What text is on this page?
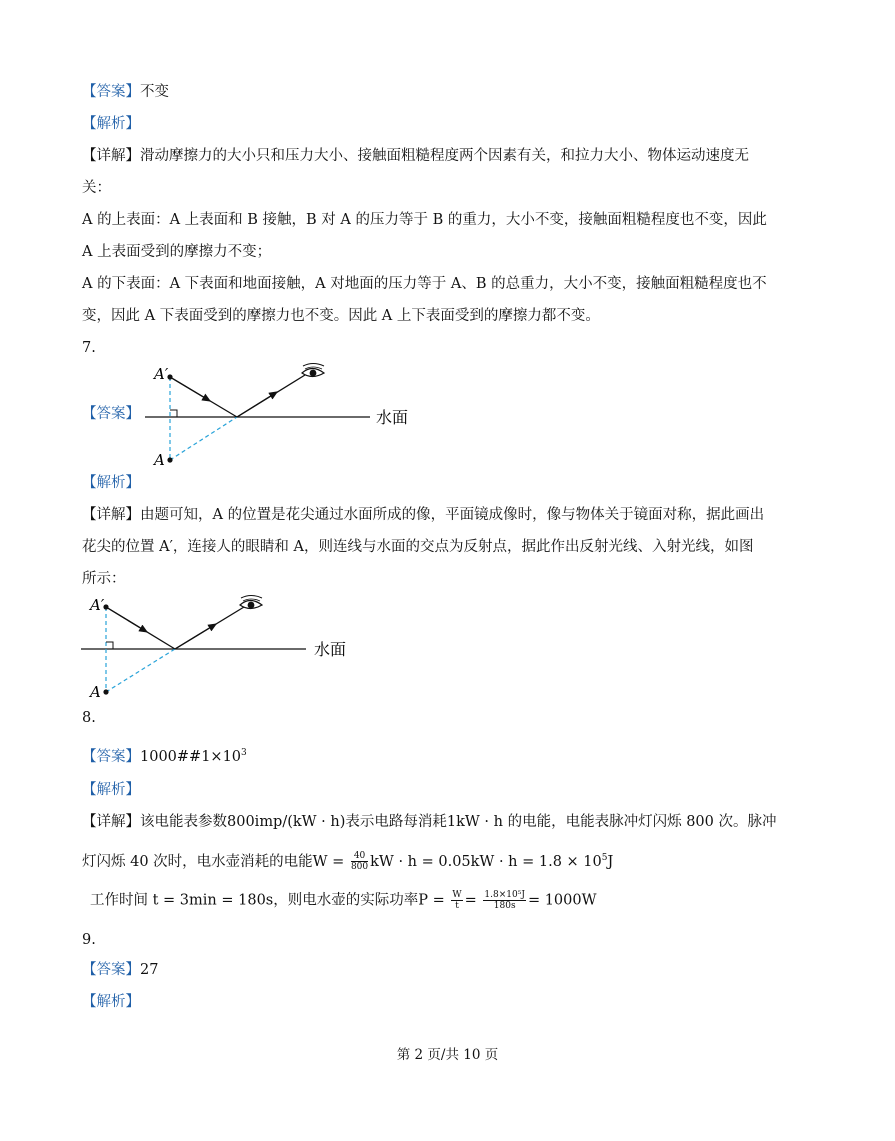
【答案】不变
【解析】
【详解】滑动摩擦力的大小只和压力大小、接触面粗糙程度两个因素有关，和拉力大小、物体运动速度无
关：
A 的上表面：A 上表面和 B 接触，B 对 A 的压力等于 B 的重力，大小不变，接触面粗糙程度也不变，因此
A 上表面受到的摩擦力不变；
A 的下表面：A 下表面和地面接触，A 对地面的压力等于 A、B 的总重力，大小不变，接触面粗糙程度也不
变，因此 A 下表面受到的摩擦力也不变。因此 A 上下表面受到的摩擦力都不变。
7.
【答案】
A′
A
水面
【解析】
【详解】由题可知，A 的位置是花尖通过水面所成的像，平面镜成像时，像与物体关于镜面对称，据此画出
花尖的位置 A′，连接人的眼睛和 A，则连线与水面的交点为反射点，据此作出反射光线、入射光线，如图
所示：
A′
A
水面
8.
【答案】$1000\#\#1\times 10^3$
【解析】
【详解】该电能表参数800imp/(kW · h)表示电路每消耗1kW · h 的电能，电能表脉冲灯闪烁 800 次。脉冲
灯闪烁 40 次时，电水壶消耗的电能$W = \frac{40}{800}$ kW · $h = 0.05kW \cdot h = 1.8 \times 10^5J$
工作时间 t = 3min = 180s，则电水壶的实际功率$P = \frac{W}{t} = \frac{\text{1.8×10⁵J}}{180s} = 1000W$
9.
【答案】27
【解析】
第 2 页/共 10 页
